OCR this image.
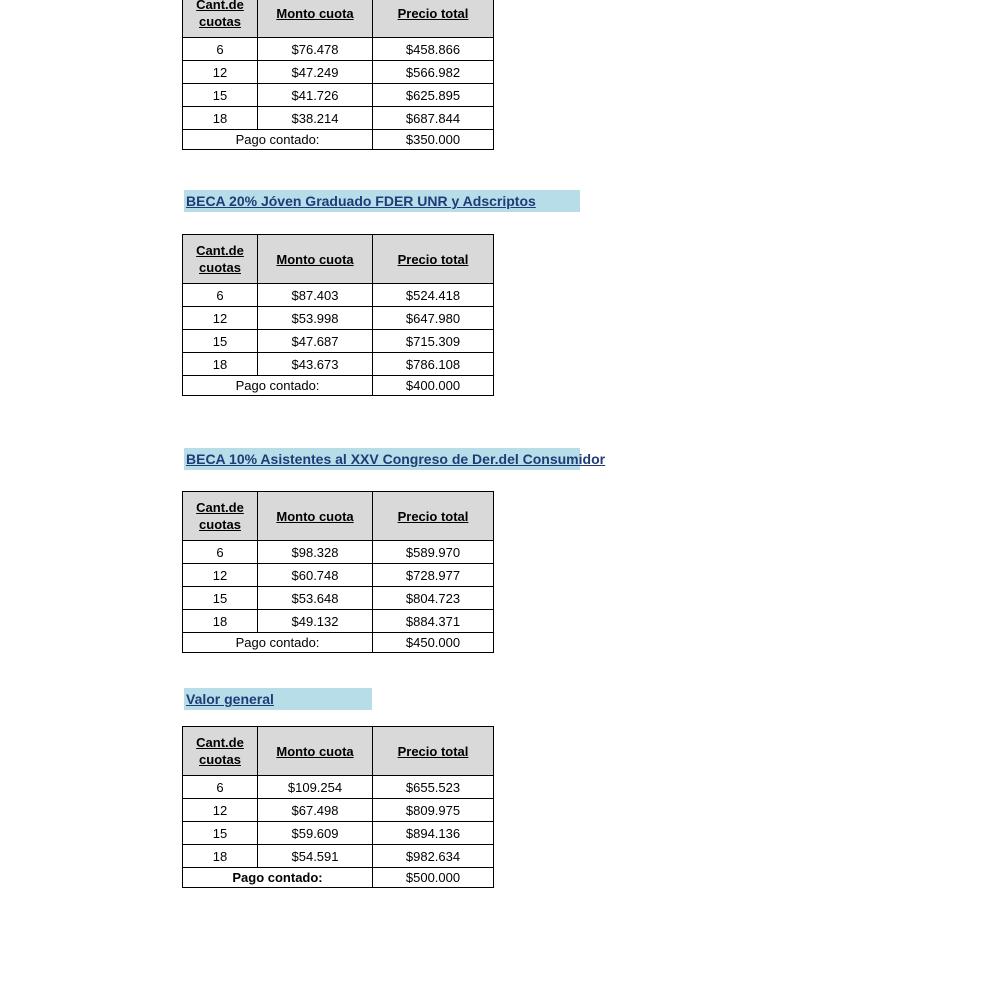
Cant.de
cuotas	Monto cuota	Precio total
6	$76.478	$458.866
12	$47.249	$566.982
15	$41.726	$625.895
18	$38.214	$687.844
Pago contado:		$350.000
BECA 20% Jóven Graduado FDER UNR y Adscriptos
Cant.de
cuotas	Monto cuota	Precio total
6	$87.403	$524.418
12	$53.998	$647.980
15	$47.687	$715.309
18	$43.673	$786.108
Pago contado:		$400.000
BECA 10% Asistentes al XXV Congreso de Der.del Consumidor
Cant.de
cuotas	Monto cuota	Precio total
6	$98.328	$589.970
12	$60.748	$728.977
15	$53.648	$804.723
18	$49.132	$884.371
Pago contado:		$450.000
Valor general
Cant.de
cuotas	Monto cuota	Precio total
6	$109.254	$655.523
12	$67.498	$809.975
15	$59.609	$894.136
18	$54.591	$982.634
Pago contado:		$500.000
